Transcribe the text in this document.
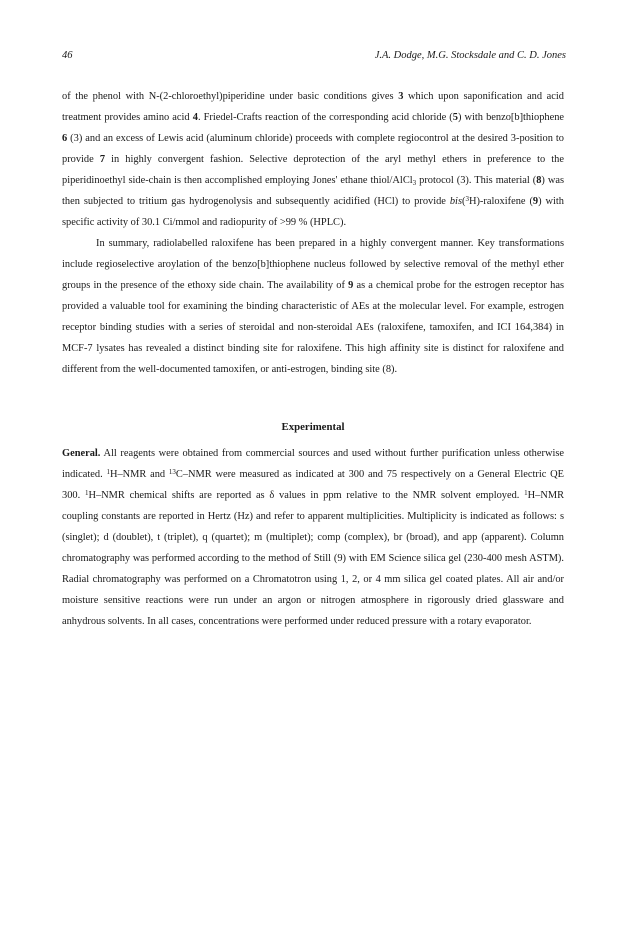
46	J.A. Dodge, M.G. Stocksdale and C. D. Jones

of the phenol with N-(2-chloroethyl)piperidine under basic conditions gives 3 which upon saponification and acid treatment provides amino acid 4. Friedel-Crafts reaction of the corresponding acid chloride (5) with benzo[b]thiophene 6 (3) and an excess of Lewis acid (aluminum chloride) proceeds with complete regiocontrol at the desired 3-position to provide 7 in highly convergent fashion. Selective deprotection of the aryl methyl ethers in preference to the piperidinoethyl side-chain is then accomplished employing Jones' ethane thiol/AlCl$_3$ protocol (3). This material (8) was then subjected to tritium gas hydrogenolysis and subsequently acidified (HCl) to provide bis($^3$H)-raloxifene (9) with specific activity of 30.1 Ci/mmol and radiopurity of >99 % (HPLC).

In summary, radiolabelled raloxifene has been prepared in a highly convergent manner. Key transformations include regioselective aroylation of the benzo[b]thiophene nucleus followed by selective removal of the methyl ether groups in the presence of the ethoxy side chain. The availability of 9 as a chemical probe for the estrogen receptor has provided a valuable tool for examining the binding characteristic of AEs at the molecular level. For example, estrogen receptor binding studies with a series of steroidal and non-steroidal AEs (raloxifene, tamoxifen, and ICI 164,384) in MCF-7 lysates has revealed a distinct binding site for raloxifene. This high affinity site is distinct for raloxifene and different from the well-documented tamoxifen, or anti-estrogen, binding site (8).

Experimental

General. All reagents were obtained from commercial sources and used without further purification unless otherwise indicated. $^1$H–NMR and $^{13}$C–NMR were measured as indicated at 300 and 75 respectively on a General Electric QE 300. $^1$H–NMR chemical shifts are reported as δ values in ppm relative to the NMR solvent employed. $^1$H–NMR coupling constants are reported in Hertz (Hz) and refer to apparent multiplicities. Multiplicity is indicated as follows: s (singlet); d (doublet), t (triplet), q (quartet); m (multiplet); comp (complex), br (broad), and app (apparent). Column chromatography was performed according to the method of Still (9) with EM Science silica gel (230-400 mesh ASTM). Radial chromatography was performed on a Chromatotron using 1, 2, or 4 mm silica gel coated plates. All air and/or moisture sensitive reactions were run under an argon or nitrogen atmosphere in rigorously dried glassware and anhydrous solvents. In all cases, concentrations were performed under reduced pressure with a rotary evaporator.
